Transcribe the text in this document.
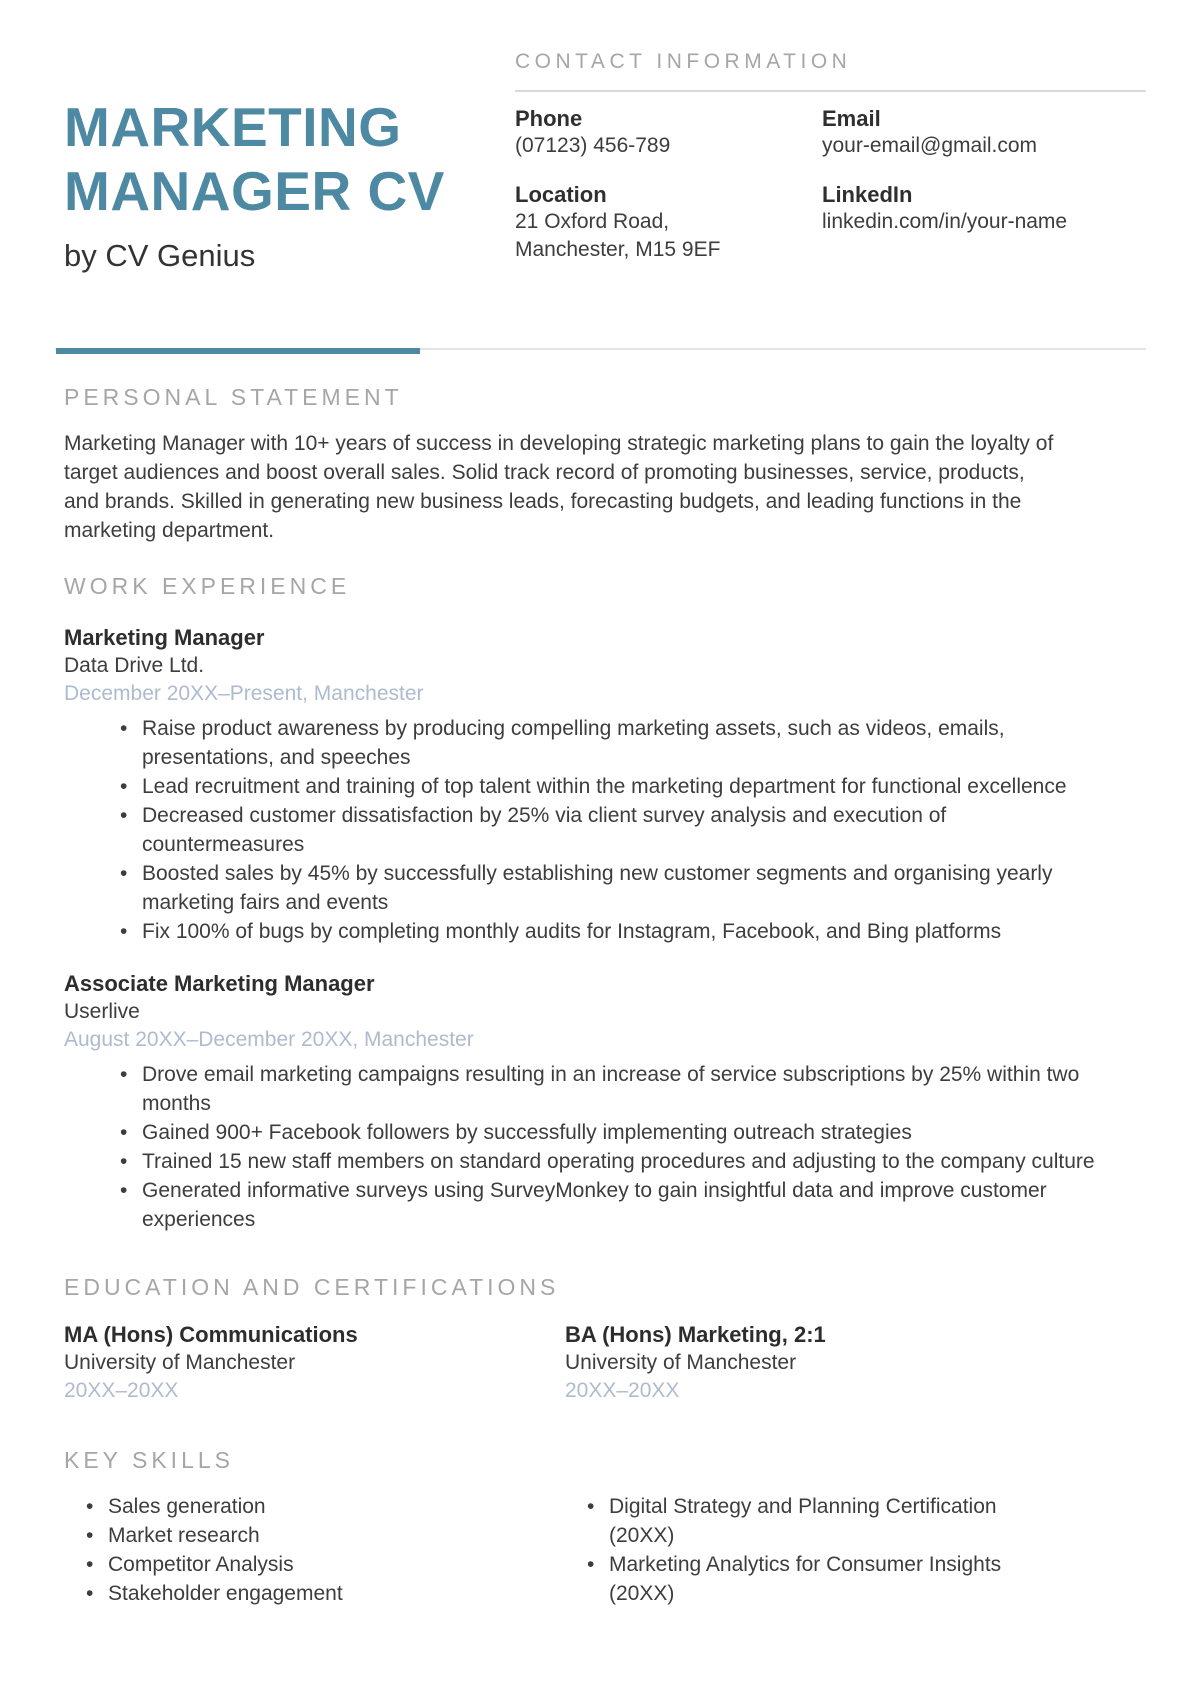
MARKETING MANAGER CV
by CV Genius
CONTACT INFORMATION
Phone
(07123) 456-789
Email
your-email@gmail.com
Location
21 Oxford Road,
Manchester, M15 9EF
LinkedIn
linkedin.com/in/your-name
PERSONAL STATEMENT

Marketing Manager with 10+ years of success in developing strategic marketing plans to gain the loyalty of target audiences and boost overall sales. Solid track record of promoting businesses, service, products, and brands. Skilled in generating new business leads, forecasting budgets, and leading functions in the marketing department.

WORK EXPERIENCE
Marketing Manager
Data Drive Ltd.
December 20XX–Present, Manchester
• Raise product awareness by producing compelling marketing assets, such as videos, emails, presentations, and speeches
• Lead recruitment and training of top talent within the marketing department for functional excellence
• Decreased customer dissatisfaction by 25% via client survey analysis and execution of countermeasures
• Boosted sales by 45% by successfully establishing new customer segments and organising yearly marketing fairs and events
• Fix 100% of bugs by completing monthly audits for Instagram, Facebook, and Bing platforms
Associate Marketing Manager
Userlive
August 20XX–December 20XX, Manchester
• Drove email marketing campaigns resulting in an increase of service subscriptions by 25% within two months
• Gained 900+ Facebook followers by successfully implementing outreach strategies
• Trained 15 new staff members on standard operating procedures and adjusting to the company culture
• Generated informative surveys using SurveyMonkey to gain insightful data and improve customer experiences
EDUCATION AND CERTIFICATIONS
MA (Hons) Communications
University of Manchester
20XX–20XX
BA (Hons) Marketing, 2:1
University of Manchester
20XX–20XX
KEY SKILLS
• Sales generation
• Market research
• Competitor Analysis
• Stakeholder engagement
• Digital Strategy and Planning Certification (20XX)
• Marketing Analytics for Consumer Insights (20XX)
